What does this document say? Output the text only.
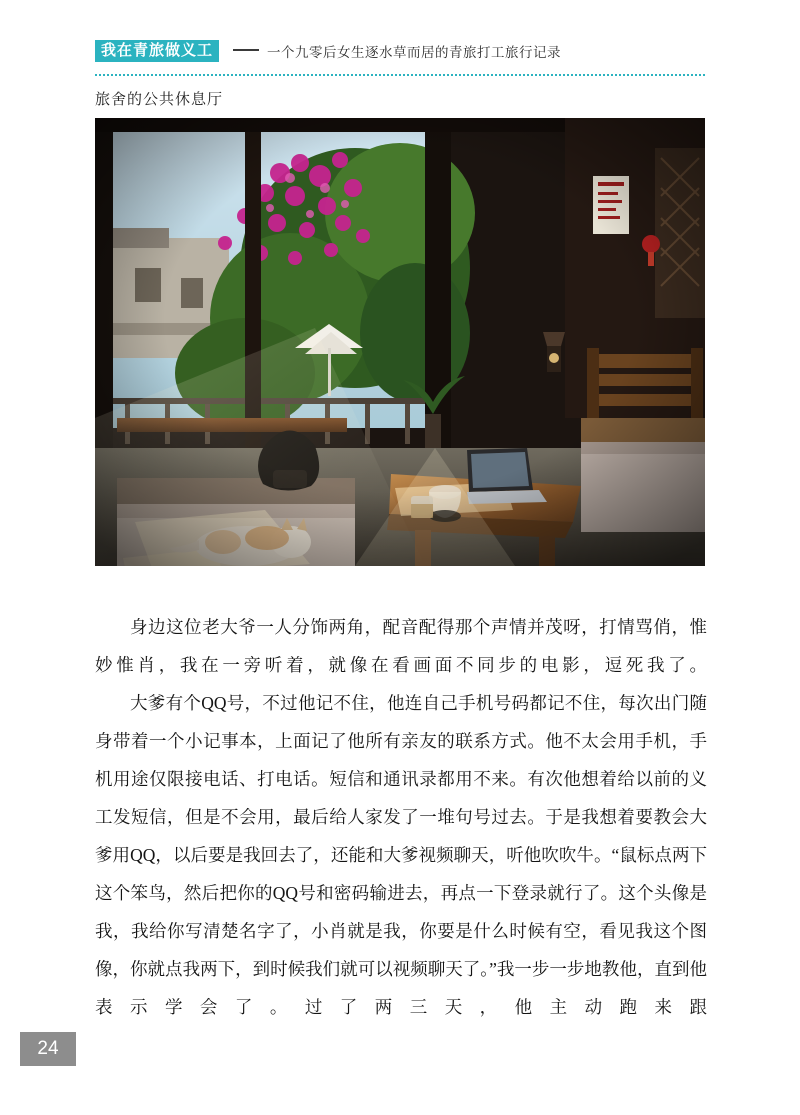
我在青旅做义工	一个九零后女生逐水草而居的青旅打工旅行记录
旅舍的公共休息厅

身边这位老大爷一人分饰两角，配音配得那个声情并茂呀，打情骂俏，惟妙惟肖，我在一旁听着，就像在看画面不同步的电影，逗死我了。

大爹有个QQ号，不过他记不住，他连自己手机号码都记不住，每次出门随身带着一个小记事本，上面记了他所有亲友的联系方式。他不太会用手机，手机用途仅限接电话、打电话。短信和通讯录都用不来。有次他想着给以前的义工发短信，但是不会用，最后给人家发了一堆句号过去。于是我想着要教会大爹用QQ，以后要是我回去了，还能和大爹视频聊天，听他吹吹牛。“鼠标点两下这个笨鸟，然后把你的QQ号和密码输进去，再点一下登录就行了。这个头像是我，我给你写清楚名字了，小肖就是我，你要是什么时候有空，看见我这个图像，你就点我两下，到时候我们就可以视频聊天了。”我一步一步地教他，直到他表示学会了。过了两三天，他主动跑来跟

24
